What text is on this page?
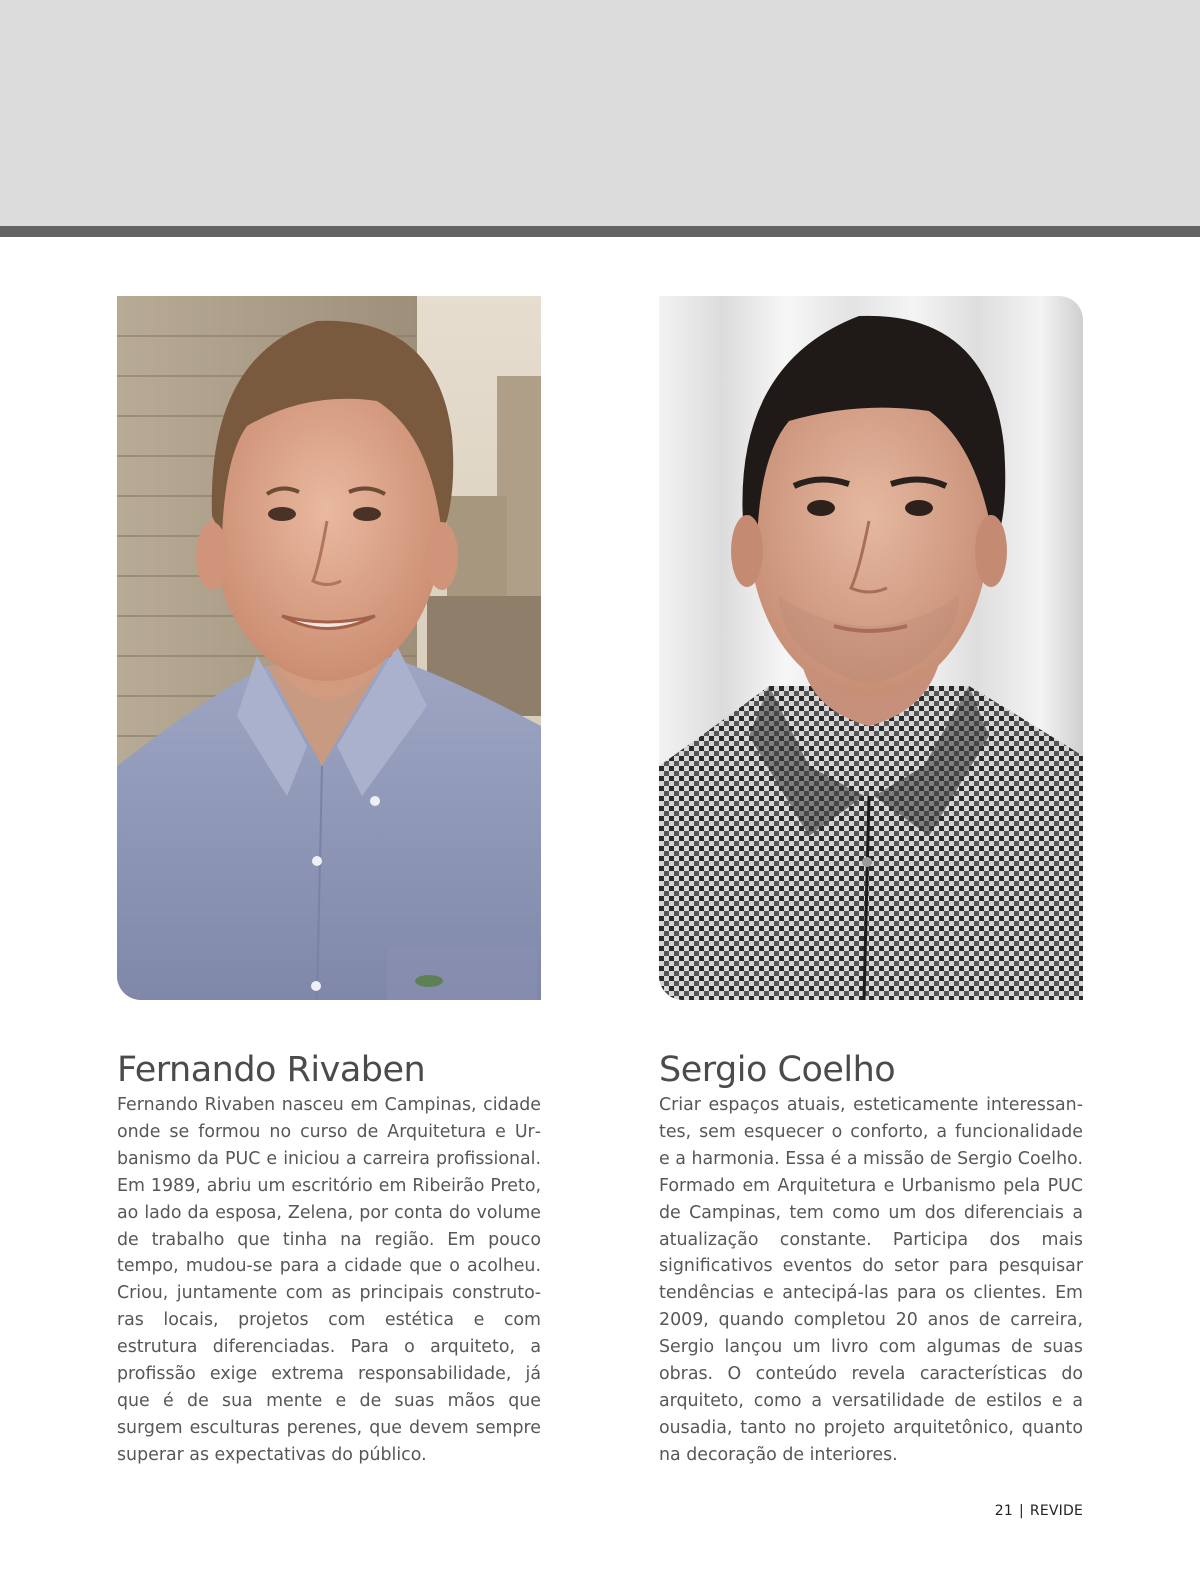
Fernando Rivaben

Fernando Rivaben nasceu em Campinas, cidade onde se formou no curso de Arquitetura e Urbanismo da PUC e iniciou a carreira profissional. Em 1989, abriu um escritório em Ribeirão Preto, ao lado da esposa, Zelena, por conta do volume de trabalho que tinha na região. Em pouco tempo, mudou-se para a cidade que o acolheu. Criou, juntamente com as principais construtoras locais, projetos com estética e com estrutura diferenciadas. Para o arquiteto, a profissão exige extrema responsabilidade, já que é de sua mente e de suas mãos que surgem esculturas perenes, que devem sempre superar as expectativas do público.

Sergio Coelho

Criar espaços atuais, esteticamente interessantes, sem esquecer o conforto, a funcionalidade e a harmonia. Essa é a missão de Sergio Coelho. Formado em Arquitetura e Urbanismo pela PUC de Campinas, tem como um dos diferenciais a atualização constante. Participa dos mais significativos eventos do setor para pesquisar tendências e antecipá-las para os clientes. Em 2009, quando completou 20 anos de carreira, Sergio lançou um livro com algumas de suas obras. O conteúdo revela características do arquiteto, como a versatilidade de estilos e a ousadia, tanto no projeto arquitetônico, quanto na decoração de interiores.

21 | REVIDE
